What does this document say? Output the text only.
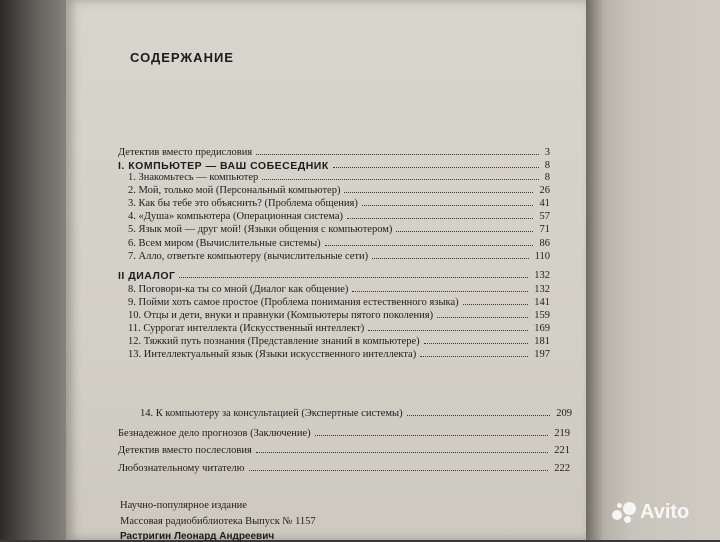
СОДЕРЖАНИЕ
Детектив вместо предисловия	3
I. КОМПЬЮТЕР — ВАШ СОБЕСЕДНИК	8
1. Знакомьтесь — компьютер	8
2. Мой, только мой (Персональный компьютер)	26
3. Как бы тебе это объяснить? (Проблема общения)	41
4. «Душа» компьютера (Операционная система)	57
5. Язык мой — друг мой! (Языки общения с компьютером)	71
6. Всем миром (Вычислительные системы)	86
7. Алло, ответьте компьютеру (вычислительные сети)	110
II ДИАЛОГ	132
8. Поговори-ка ты со мной (Диалог как общение)	132
9. Пойми хоть самое простое (Проблема понимания естественного языка)	141
10. Отцы и дети, внуки и правнуки (Компьютеры пятого поколения)	159
11. Суррогат интеллекта (Искусственный интеллект)	169
12. Тяжкий путь познания (Представление знаний в компьютере)	181
13. Интеллектуальный язык (Языки искусственного интеллекта)	197
14. К компьютеру за консультацией (Экспертные системы)	209
Безнадежное дело прогнозов (Заключение)	219
Детектив вместо послесловия	221
Любознательному читателю	222
Научно-популярное издание
Массовая радиобиблиотека Выпуск № 1157
Растригин Леонард Андреевич
Avito
